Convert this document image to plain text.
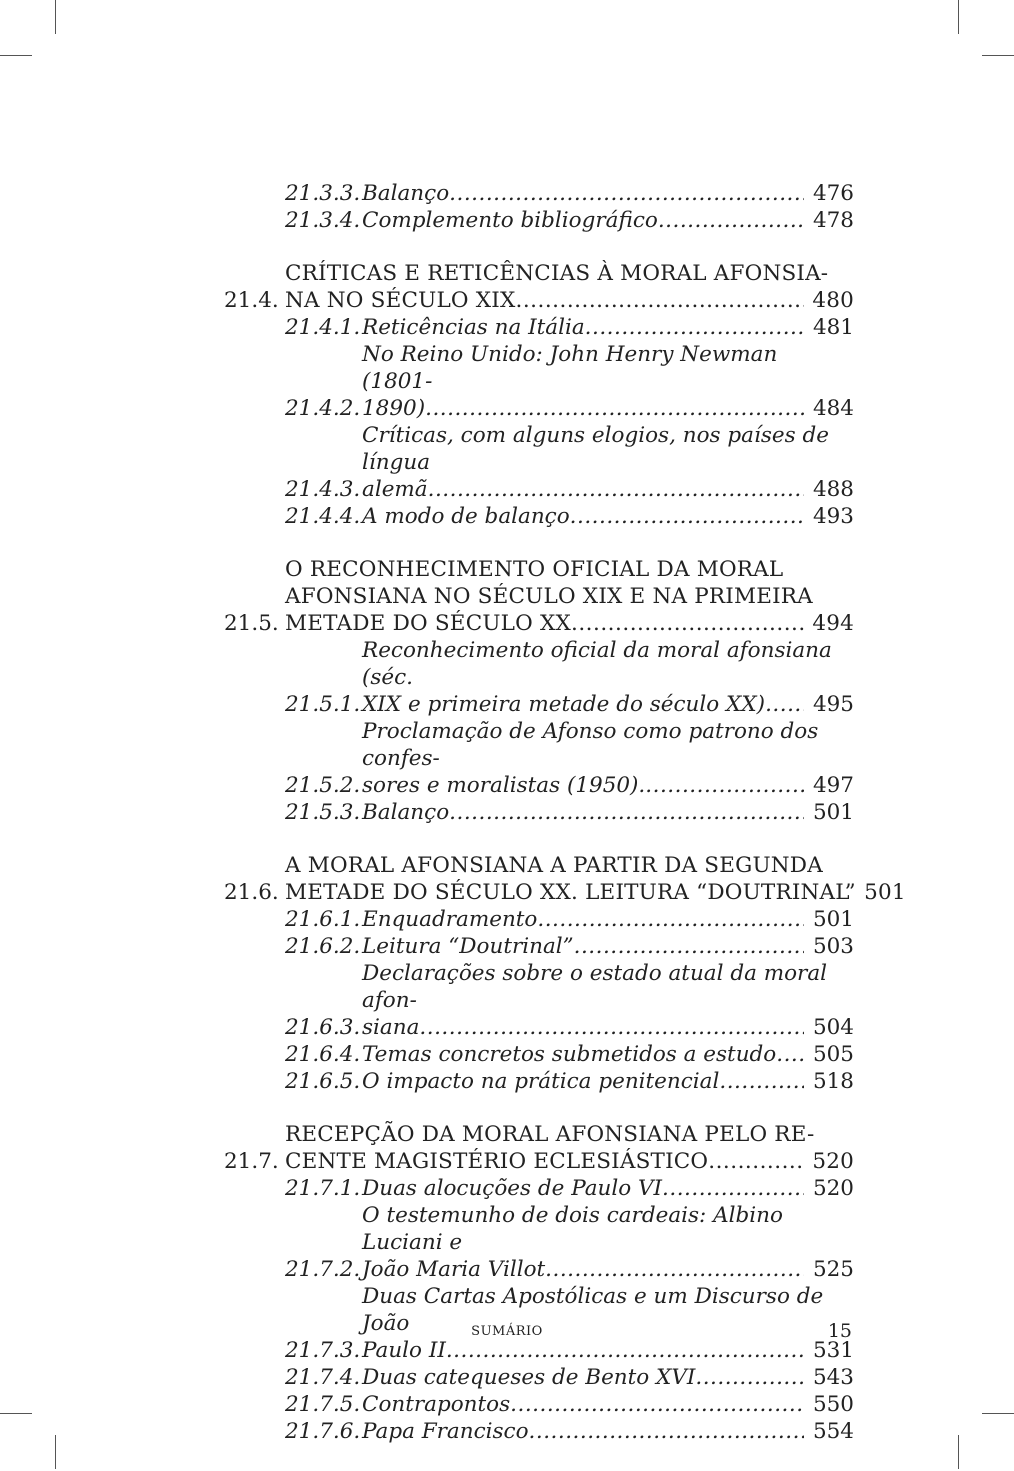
21.3.3. Balanço .....	476
21.3.4. Complemento bibliográfico .....	478
21.4.
CRÍTICAS E RETICÊNCIAS À MORAL AFONSIA-
NA NO SÉCULO XIX .....	480
21.4.1. Reticências na Itália .....	481
21.4.2.
No Reino Unido: John Henry Newman (1801-
1890) .....	484
21.4.3.
Críticas, com alguns elogios, nos países de língua
alemã .....	488
21.4.4. A modo de balanço .....	493
21.5.
O RECONHECIMENTO OFICIAL DA MORAL
AFONSIANA NO SÉCULO XIX E NA PRIMEIRA
METADE DO SÉCULO XX .....	494
21.5.1.
Reconhecimento oficial da moral afonsiana (séc.
XIX e primeira metade do século XX) .....	495
21.5.2.
Proclamação de Afonso como patrono dos confes-
sores e moralistas (1950). .....	497
21.5.3. Balanço .....	501
21.6.
A MORAL AFONSIANA A PARTIR DA SEGUNDA
METADE DO SÉCULO XX. LEITURA “DOUTRINAL” 501
21.6.1. Enquadramento .....	501
21.6.2. Leitura “Doutrinal” .....	503
21.6.3.
Declarações sobre o estado atual da moral afon-
siana .....	504
21.6.4. Temas concretos submetidos a estudo .....	505
21.6.5. O impacto na prática penitencial .....	518
21.7.
RECEPÇÃO DA MORAL AFONSIANA PELO RE-
CENTE MAGISTÉRIO ECLESIÁSTICO .....	520
21.7.1. Duas alocuções de Paulo VI .....	520
21.7.2.
O testemunho de dois cardeais: Albino Luciani e
João Maria Villot .....	525
21.7.3.
Duas Cartas Apostólicas e um Discurso de João
Paulo II .....	531
21.7.4. Duas catequeses de Bento XVI .....	543
21.7.5. Contrapontos .....	550
21.7.6. Papa Francisco .....	554
SUMÁRIO	15
